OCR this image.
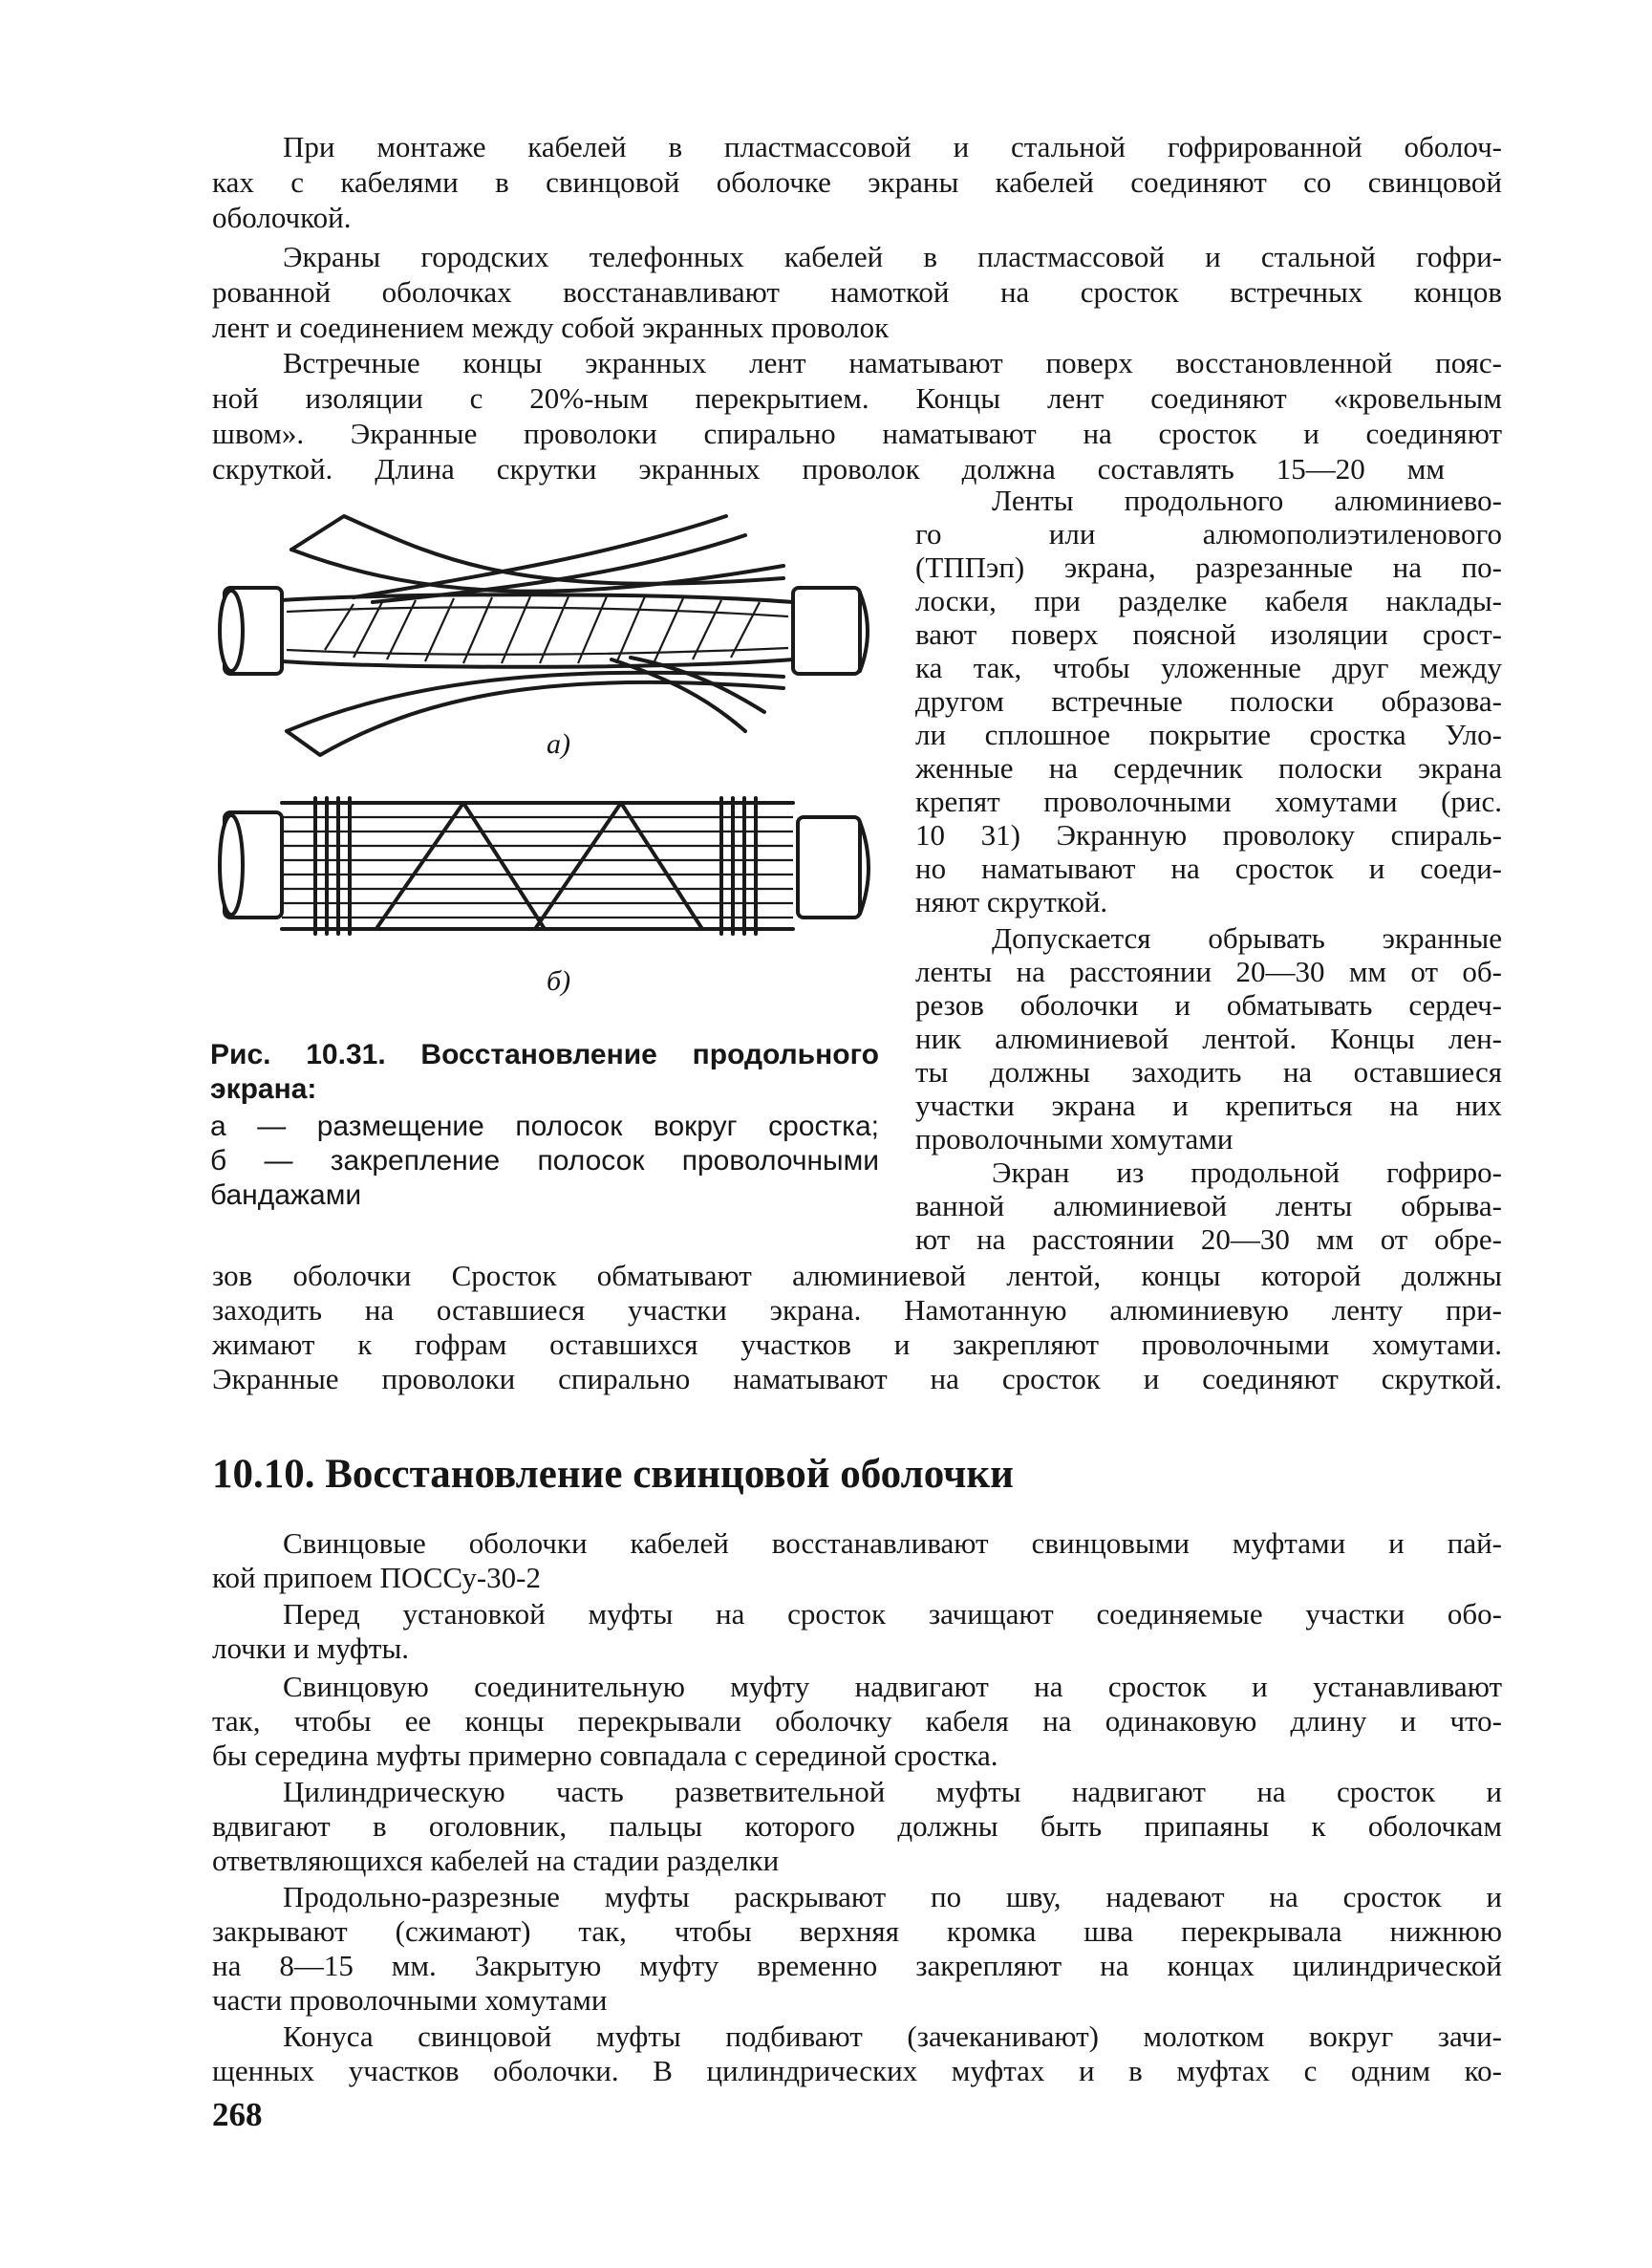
При монтаже кабелей в пластмассовой и стальной гофрированной оболоч-
ках с кабелями в свинцовой оболочке экраны кабелей соединяют со свинцовой
оболочкой.
Экраны городских телефонных кабелей в пластмассовой и стальной гофри-
рованной оболочках восстанавливают намоткой на сросток встречных концов
лент и соединением между собой экранных проволок
Встречные концы экранных лент наматывают поверх восстановленной пояс-
ной изоляции с 20%-ным перекрытием. Концы лент соединяют «кровельным
швом». Экранные проволоки спирально наматывают на сросток и соединяют
скруткой. Длина скрутки экранных проволок должна составлять 15—20 мм
а)
б)
Рис. 10.31. Восстановление продольного
экрана:
а — размещение полосок вокруг сростка;
б — закрепление полосок проволочными
бандажами
Ленты продольного алюминиево-
го или алюмополиэтиленового
(ТППэп) экрана, разрезанные на по-
лоски, при разделке кабеля наклады-
вают поверх поясной изоляции срост-
ка так, чтобы уложенные друг между
другом встречные полоски образова-
ли сплошное покрытие сростка Уло-
женные на сердечник полоски экрана
крепят проволочными хомутами (рис.
10 31) Экранную проволоку спираль-
но наматывают на сросток и соеди-
няют скруткой.
Допускается обрывать экранные
ленты на расстоянии 20—30 мм от об-
резов оболочки и обматывать сердеч-
ник алюминиевой лентой. Концы лен-
ты должны заходить на оставшиеся
участки экрана и крепиться на них
проволочными хомутами
Экран из продольной гофриро-
ванной алюминиевой ленты обрыва-
ют на расстоянии 20—30 мм от обре-
зов оболочки Сросток обматывают алюминиевой лентой, концы которой должны
заходить на оставшиеся участки экрана. Намотанную алюминиевую ленту при-
жимают к гофрам оставшихся участков и закрепляют проволочными хомутами.
Экранные проволоки спирально наматывают на сросток и соединяют скруткой.
10.10. Восстановление свинцовой оболочки
Свинцовые оболочки кабелей восстанавливают свинцовыми муфтами и пай-
кой припоем ПОССу-30-2
Перед установкой муфты на сросток зачищают соединяемые участки обо-
лочки и муфты.
Свинцовую соединительную муфту надвигают на сросток и устанавливают
так, чтобы ее концы перекрывали оболочку кабеля на одинаковую длину и что-
бы середина муфты примерно совпадала с серединой сростка.
Цилиндрическую часть разветвительной муфты надвигают на сросток и
вдвигают в оголовник, пальцы которого должны быть припаяны к оболочкам
ответвляющихся кабелей на стадии разделки
Продольно-разрезные муфты раскрывают по шву, надевают на сросток и
закрывают (сжимают) так, чтобы верхняя кромка шва перекрывала нижнюю
на 8—15 мм. Закрытую муфту временно закрепляют на концах цилиндрической
части проволочными хомутами
Конуса свинцовой муфты подбивают (зачеканивают) молотком вокруг зачи-
щенных участков оболочки. В цилиндрических муфтах и в муфтах с одним ко-
268
